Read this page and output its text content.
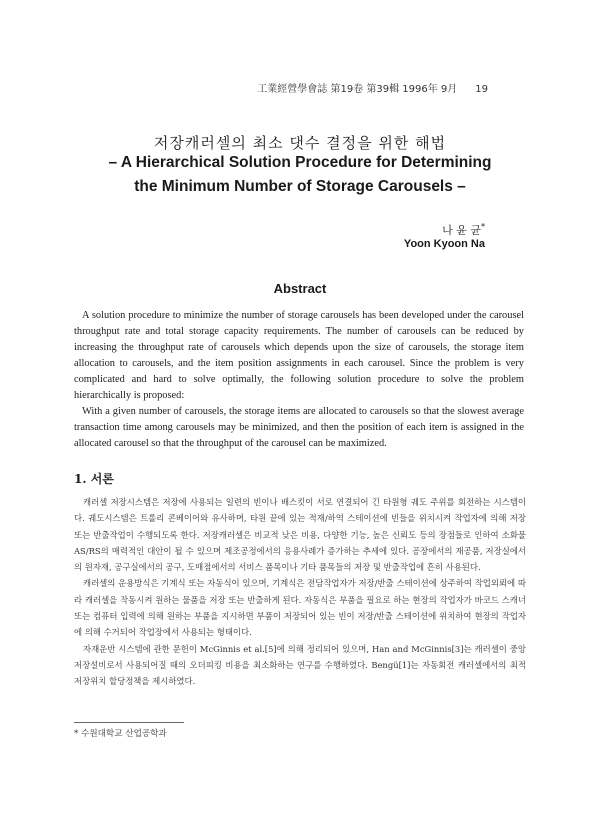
工業經營學會誌 第19卷 第39輯 1996年 9月 19
저장캐러셀의 최소 댓수 결정을 위한 해법
– A Hierarchical Solution Procedure for Determining
the Minimum Number of Storage Carousels –
나 윤 균*
Yoon Kyoon Na
Abstract

A solution procedure to minimize the number of storage carousels has been developed under the carousel throughput rate and total storage capacity requirements. The number of carousels can be reduced by increasing the throughput rate of carousels which depends upon the size of carousels, the storage item allocation to carousels, and the item position assignments in each carousel. Since the problem is very complicated and hard to solve optimally, the following solution procedure to solve the problem hierarchically is proposed:

With a given number of carousels, the storage items are allocated to carousels so that the slowest average transaction time among carousels may be minimized, and then the position of each item is assigned in the allocated carousel so that the throughput of the carousel can be maximized.

1. 서론

캐러셀 저장시스템은 저장에 사용되는 일련의 빈이나 배스킷이 서로 연결되어 긴 타원형 궤도 주위를 회전하는 시스템이다. 궤도시스템은 트롤리 콘베이어와 유사하며, 타원 끝에 있는 적재/하역 스테이션에 빈들을 위치시켜 작업자에 의해 저장 또는 반출작업이 수행되도록 한다. 저장캐러셀은 비교적 낮은 비용, 다양한 기능, 높은 신뢰도 등의 장점들로 인하여 소화물 AS/RS의 매력적인 대안이 될 수 있으며 제조공정에서의 응용사례가 증가하는 추세에 있다. 공장에서의 재공품, 저장실에서의 원자재, 공구실에서의 공구, 도매점에서의 서비스 품목이나 기타 품목들의 저장 및 반출작업에 흔히 사용된다.

캐러셀의 운용방식은 기계식 또는 자동식이 있으며, 기계식은 전담작업자가 저장/반출 스테이션에 상주하여 작업외뢰에 따라 캐러셀을 작동시켜 원하는 물품을 저장 또는 반출하게 된다. 자동식은 부품을 필요로 하는 현장의 작업자가 바코드 스캐너 또는 컴퓨터 입력에 의해 원하는 부품을 지시하면 부품이 저장되어 있는 빈이 저장/반출 스테이션에 위치하여 현장의 작업자에 의해 수거되어 작업장에서 사용되는 형태이다.

자재운반 시스템에 관한 문헌이 McGinnis et al.[5]에 의해 정리되어 있으며, Han and McGinnis[3]는 캐러셀이 중앙 저장설비로서 사용되어질 때의 오더피킹 비용을 최소화하는 연구를 수행하였다. Bengü[1]는 자동회전 캐러셀에서의 최적 저장위치 할당정책을 제시하였다.

* 수원대학교 산업공학과
